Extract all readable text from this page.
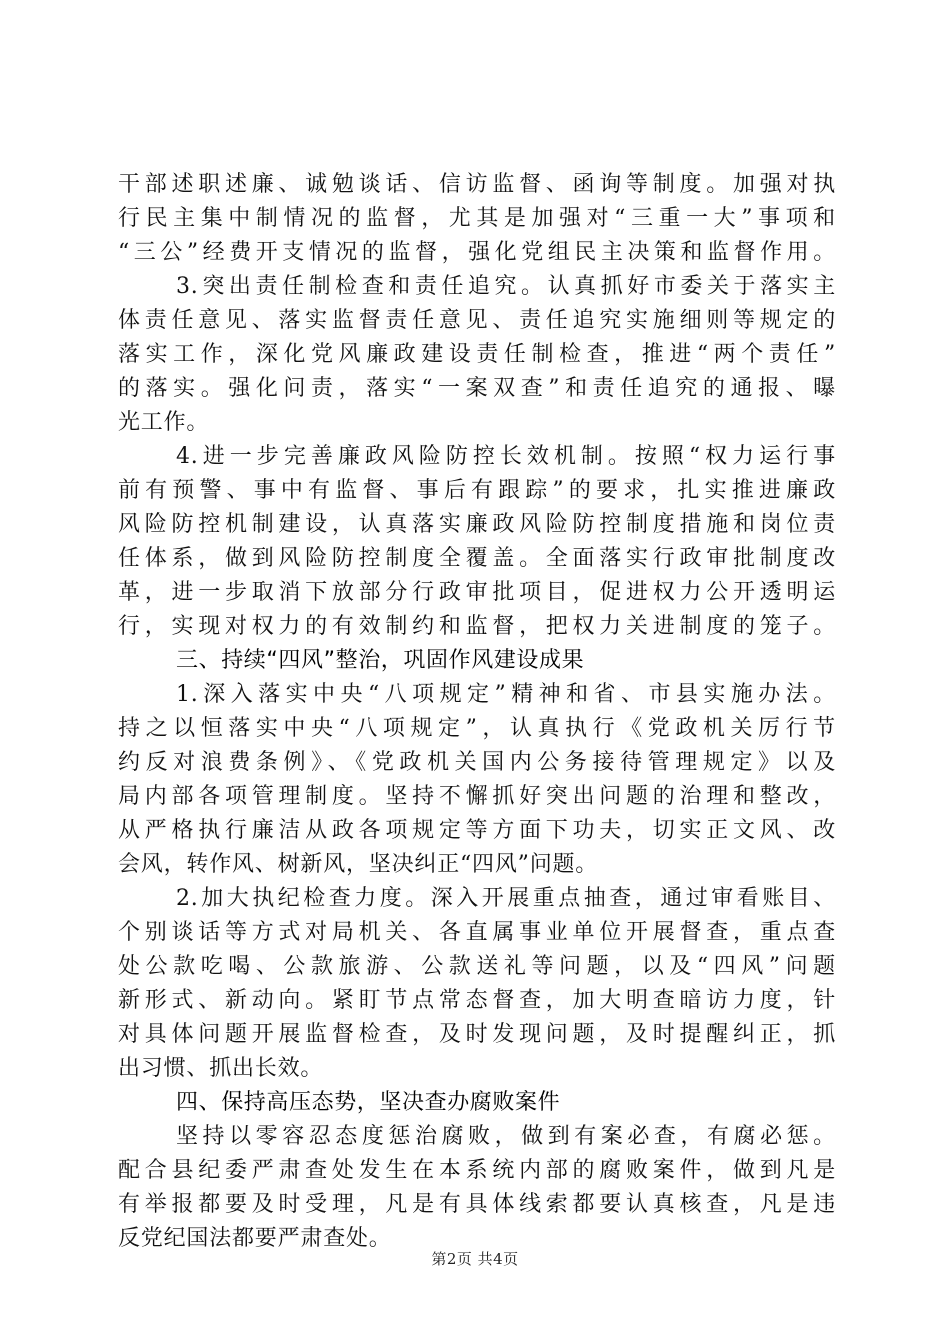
干部述职述廉、诚勉谈话、信访监督、函询等制度。加强对执
行民主集中制情况的监督，尤其是加强对“三重一大”事项和
“三公”经费开支情况的监督，强化党组民主决策和监督作用。
3.突出责任制检查和责任追究。认真抓好市委关于落实主
体责任意见、落实监督责任意见、责任追究实施细则等规定的
落实工作，深化党风廉政建设责任制检查，推进“两个责任”
的落实。强化问责，落实“一案双查”和责任追究的通报、曝
光工作。
4.进一步完善廉政风险防控长效机制。按照“权力运行事
前有预警、事中有监督、事后有跟踪”的要求，扎实推进廉政
风险防控机制建设，认真落实廉政风险防控制度措施和岗位责
任体系，做到风险防控制度全覆盖。全面落实行政审批制度改
革，进一步取消下放部分行政审批项目，促进权力公开透明运
行，实现对权力的有效制约和监督，把权力关进制度的笼子。
三、持续“四风”整治，巩固作风建设成果
1.深入落实中央“八项规定”精神和省、市县实施办法。
持之以恒落实中央“八项规定”，认真执行《党政机关厉行节
约反对浪费条例》、《党政机关国内公务接待管理规定》以及
局内部各项管理制度。坚持不懈抓好突出问题的治理和整改，
从严格执行廉洁从政各项规定等方面下功夫，切实正文风、改
会风，转作风、树新风，坚决纠正“四风”问题。
2.加大执纪检查力度。深入开展重点抽查，通过审看账目、
个别谈话等方式对局机关、各直属事业单位开展督查，重点查
处公款吃喝、公款旅游、公款送礼等问题，以及“四风”问题
新形式、新动向。紧盯节点常态督查，加大明查暗访力度，针
对具体问题开展监督检查，及时发现问题，及时提醒纠正，抓
出习惯、抓出长效。
四、保持高压态势，坚决查办腐败案件
坚持以零容忍态度惩治腐败，做到有案必查，有腐必惩。
配合县纪委严肃查处发生在本系统内部的腐败案件，做到凡是
有举报都要及时受理，凡是有具体线索都要认真核查，凡是违
反党纪国法都要严肃查处。
第2页 共4页
